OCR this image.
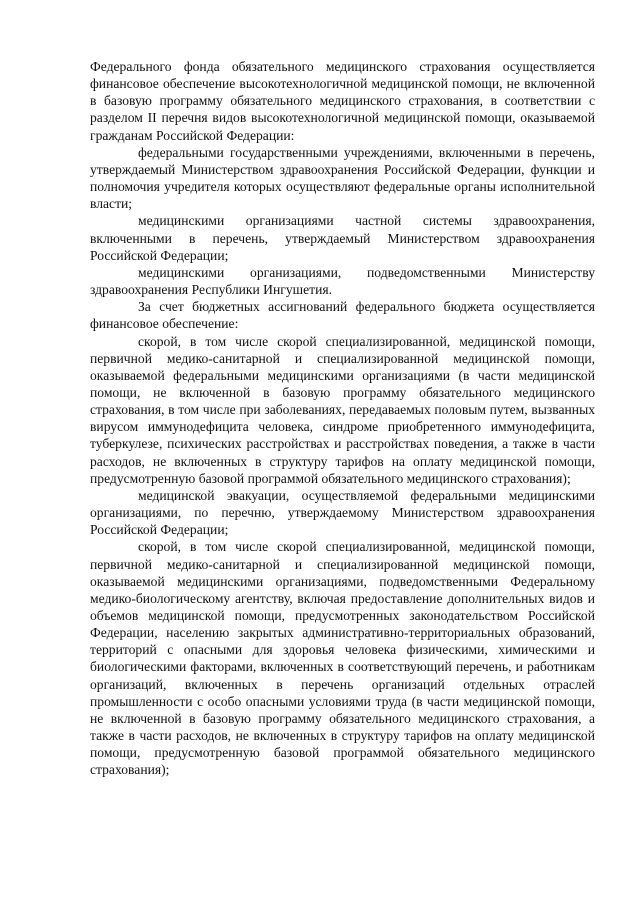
Федерального фонда обязательного медицинского страхования осуществляется финансовое обеспечение высокотехнологичной медицинской помощи, не включенной в базовую программу обязательного медицинского страхования, в соответствии с разделом II перечня видов высокотехнологичной медицинской помощи, оказываемой гражданам Российской Федерации:

федеральными государственными учреждениями, включенными в перечень, утверждаемый Министерством здравоохранения Российской Федерации, функции и полномочия учредителя которых осуществляют федеральные органы исполнительной власти;

медицинскими организациями частной системы здравоохранения, включенными в перечень, утверждаемый Министерством здравоохранения Российской Федерации;

медицинскими организациями, подведомственными Министерству здравоохранения Республики Ингушетия.

За счет бюджетных ассигнований федерального бюджета осуществляется финансовое обеспечение:

скорой, в том числе скорой специализированной, медицинской помощи, первичной медико-санитарной и специализированной медицинской помощи, оказываемой федеральными медицинскими организациями (в части медицинской помощи, не включенной в базовую программу обязательного медицинского страхования, в том числе при заболеваниях, передаваемых половым путем, вызванных вирусом иммунодефицита человека, синдроме приобретенного иммунодефицита, туберкулезе, психических расстройствах и расстройствах поведения, а также в части расходов, не включенных в структуру тарифов на оплату медицинской помощи, предусмотренную базовой программой обязательного медицинского страхования);

медицинской эвакуации, осуществляемой федеральными медицинскими организациями, по перечню, утверждаемому Министерством здравоохранения Российской Федерации;

скорой, в том числе скорой специализированной, медицинской помощи, первичной медико-санитарной и специализированной медицинской помощи, оказываемой медицинскими организациями, подведомственными Федеральному медико-биологическому агентству, включая предоставление дополнительных видов и объемов медицинской помощи, предусмотренных законодательством Российской Федерации, населению закрытых административно-территориальных образований, территорий с опасными для здоровья человека физическими, химическими и биологическими факторами, включенных в соответствующий перечень, и работникам организаций, включенных в перечень организаций отдельных отраслей промышленности с особо опасными условиями труда (в части медицинской помощи, не включенной в базовую программу обязательного медицинского страхования, а также в части расходов, не включенных в структуру тарифов на оплату медицинской помощи, предусмотренную базовой программой обязательного медицинского страхования);
